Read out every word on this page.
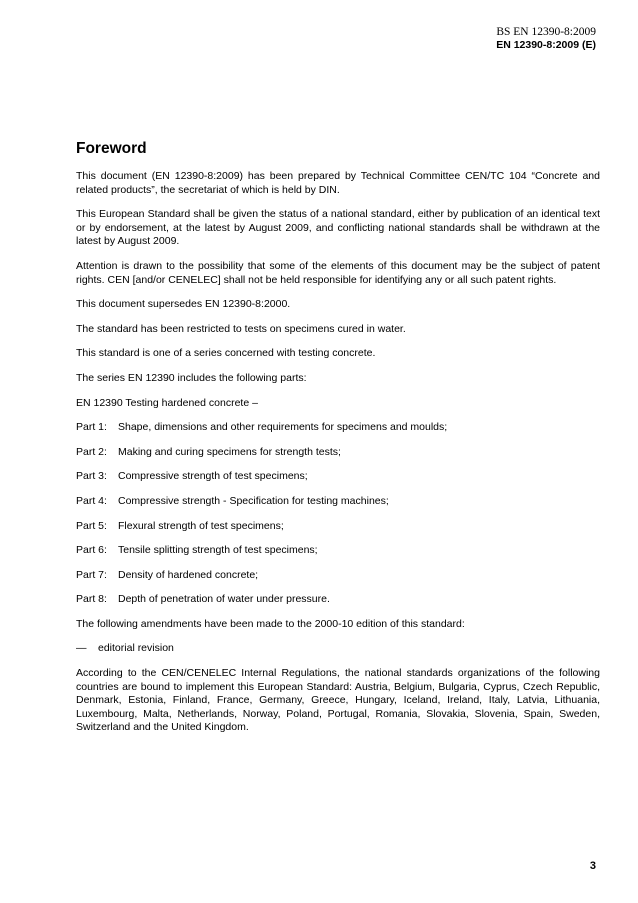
BS EN 12390-8:2009
EN 12390-8:2009 (E)
Foreword

This document (EN 12390-8:2009) has been prepared by Technical Committee CEN/TC 104 “Concrete and related products”, the secretariat of which is held by DIN.

This European Standard shall be given the status of a national standard, either by publication of an identical text or by endorsement, at the latest by August 2009, and conflicting national standards shall be withdrawn at the latest by August 2009.

Attention is drawn to the possibility that some of the elements of this document may be the subject of patent rights. CEN [and/or CENELEC] shall not be held responsible for identifying any or all such patent rights.

This document supersedes EN 12390-8:2000.

The standard has been restricted to tests on specimens cured in water.

This standard is one of a series concerned with testing concrete.

The series EN 12390 includes the following parts:

EN 12390 Testing hardened concrete –

Part 1:	Shape, dimensions and other requirements for specimens and moulds;
Part 2:	Making and curing specimens for strength tests;
Part 3:	Compressive strength of test specimens;
Part 4:	Compressive strength - Specification for testing machines;
Part 5:	Flexural strength of test specimens;
Part 6:	Tensile splitting strength of test specimens;
Part 7:	Density of hardened concrete;
Part 8:	Depth of penetration of water under pressure.

The following amendments have been made to the 2000-10 edition of this standard:

—	editorial revision

According to the CEN/CENELEC Internal Regulations, the national standards organizations of the following countries are bound to implement this European Standard: Austria, Belgium, Bulgaria, Cyprus, Czech Republic, Denmark, Estonia, Finland, France, Germany, Greece, Hungary, Iceland, Ireland, Italy, Latvia, Lithuania, Luxembourg, Malta, Netherlands, Norway, Poland, Portugal, Romania, Slovakia, Slovenia, Spain, Sweden, Switzerland and the United Kingdom.

3
